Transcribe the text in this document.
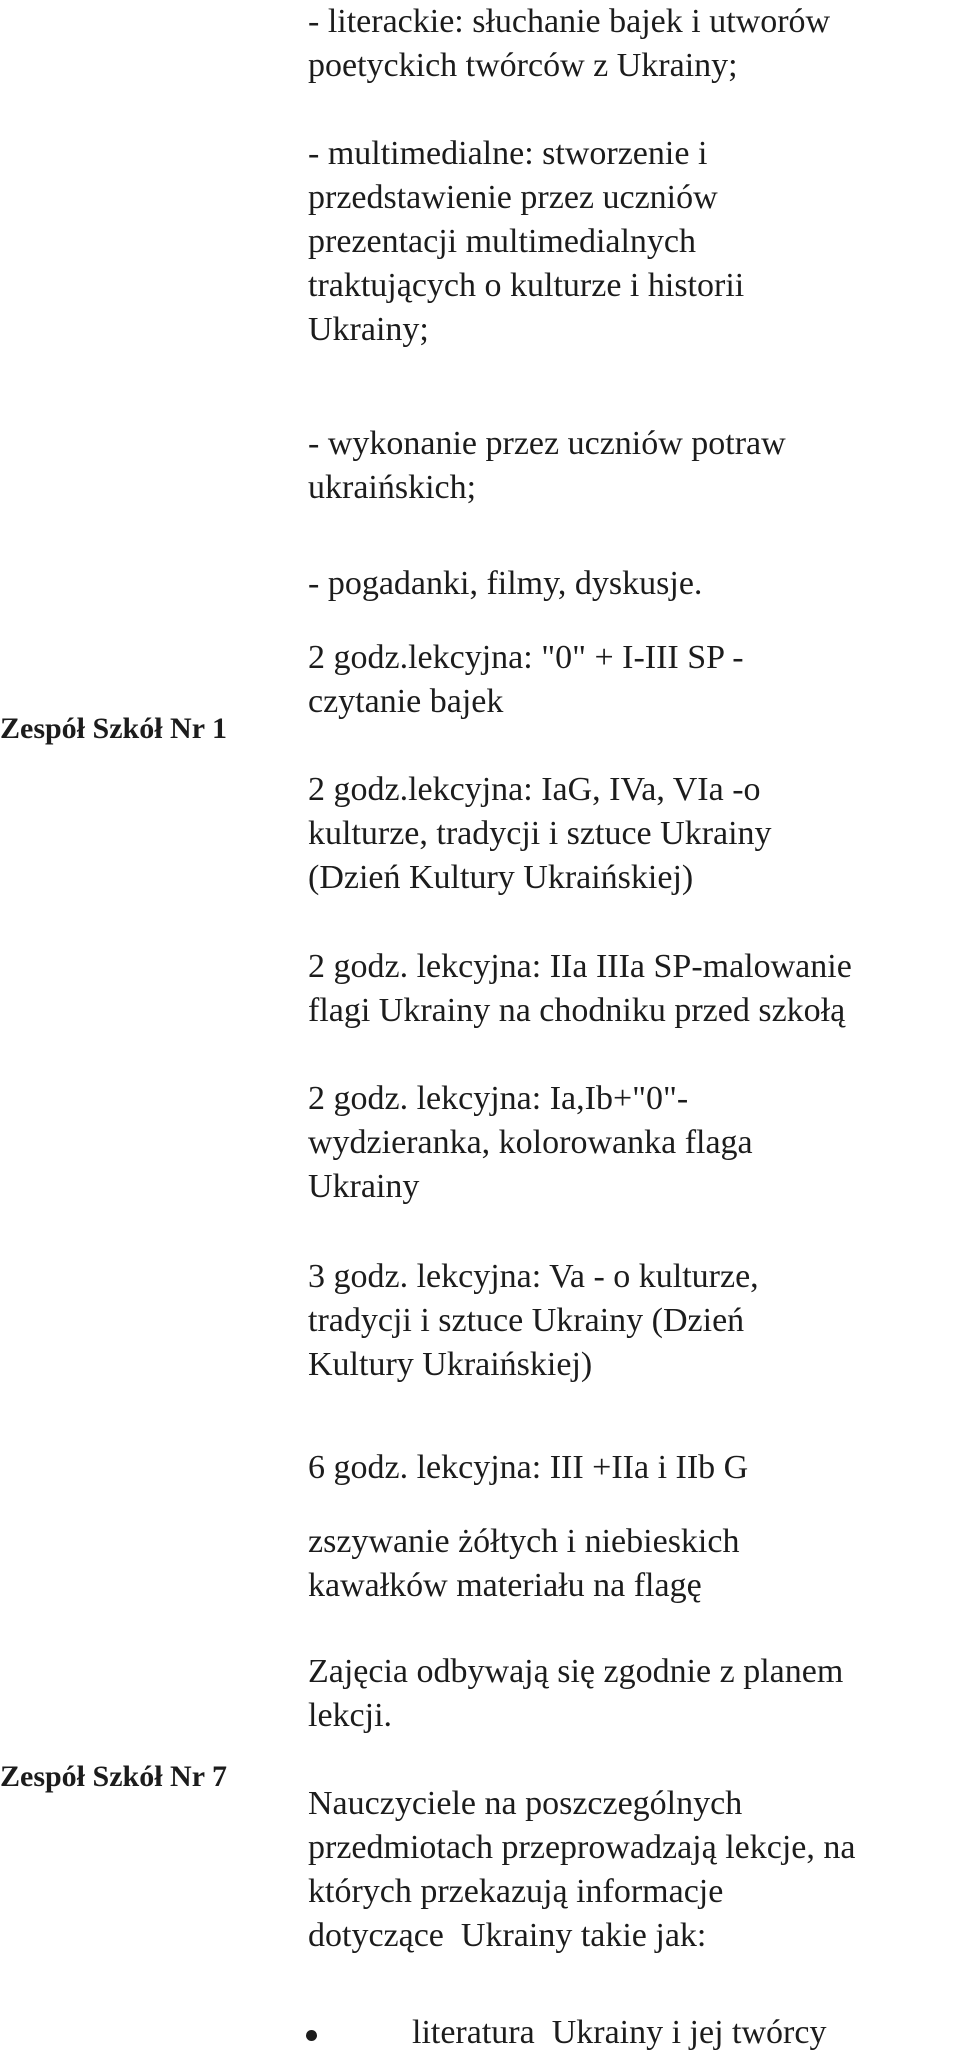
Zespół Szkół Nr 1

- literackie: słuchanie bajek i utworów
poetyckich twórców z Ukrainy;

- multimedialne: stworzenie i
przedstawienie przez uczniów
prezentacji multimedialnych
traktujących o kulturze i historii
Ukrainy;

- wykonanie przez uczniów potraw
ukraińskich;

- pogadanki, filmy, dyskusje.

2 godz.lekcyjna: "0" + I-III SP -
czytanie bajek

2 godz.lekcyjna: IaG, IVa, VIa -o
kulturze, tradycji i sztuce Ukrainy
(Dzień Kultury Ukraińskiej)

2 godz. lekcyjna: IIa IIIa SP-malowanie
flagi Ukrainy na chodniku przed szkołą

2 godz. lekcyjna: Ia,Ib+"0"-
wydzieranka, kolorowanka flaga
Ukrainy

3 godz. lekcyjna: Va - o kulturze,
tradycji i sztuce Ukrainy (Dzień
Kultury Ukraińskiej)

6 godz. lekcyjna: III +IIa i IIb G

zszywanie żółtych i niebieskich
kawałków materiału na flagę

Zespół Szkół Nr 7

Zajęcia odbywają się zgodnie z planem
lekcji.

Nauczyciele na poszczególnych
przedmiotach przeprowadzają lekcje, na
których przekazują informacje
dotyczące  Ukrainy takie jak:

literatura  Ukrainy i jej twórcy
